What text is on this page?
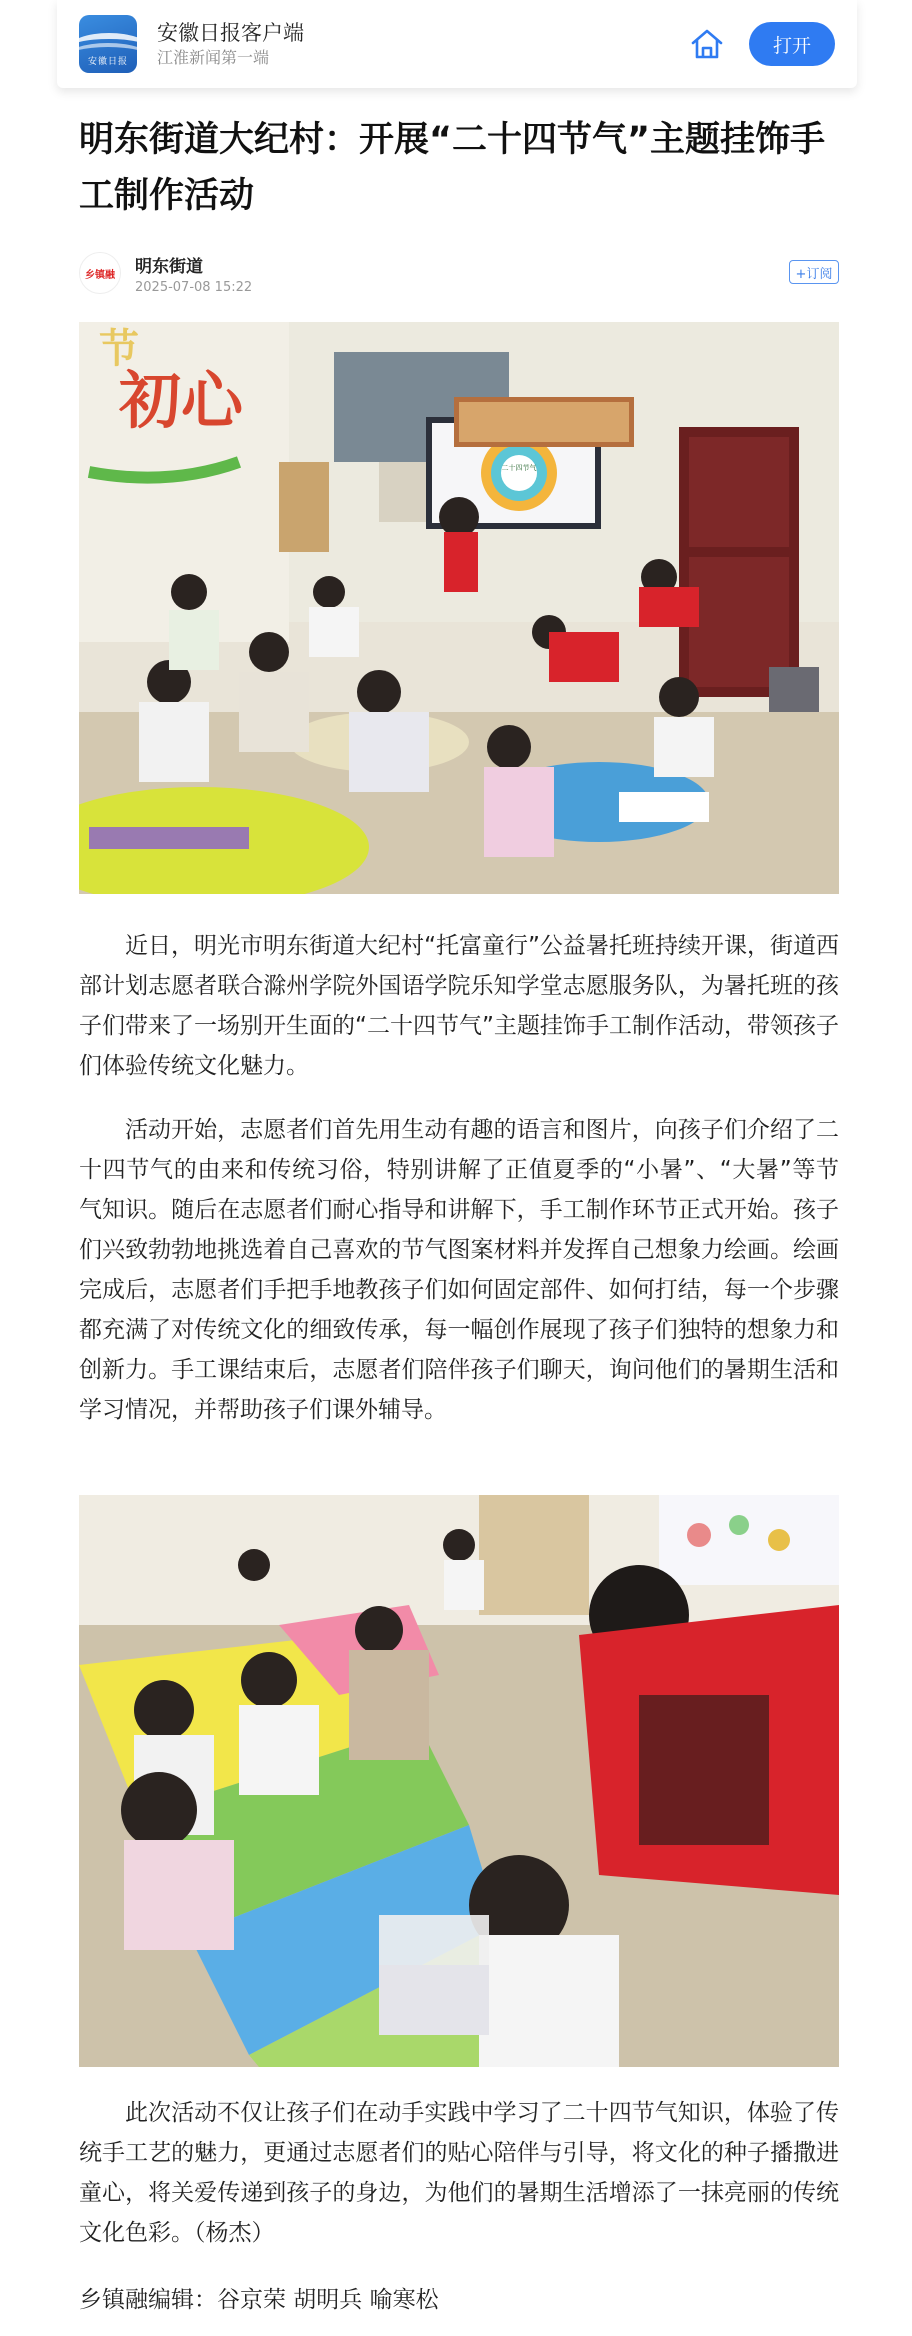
安徽日报
安徽日报客户端
江淮新闻第一端
打开
明东街道大纪村：开展“二十四节气”主题挂饰手工制作活动
乡镇融 明东街道
2025-07-08 15:22
+订阅
节
初心
二十四节气

近日，明光市明东街道大纪村“托富童行”公益暑托班持续开课，街道西部计划志愿者联合滁州学院外国语学院乐知学堂志愿服务队，为暑托班的孩子们带来了一场别开生面的“二十四节气”主题挂饰手工制作活动，带领孩子们体验传统文化魅力。

活动开始，志愿者们首先用生动有趣的语言和图片，向孩子们介绍了二十四节气的由来和传统习俗，特别讲解了正值夏季的“小暑”、“大暑”等节气知识。随后在志愿者们耐心指导和讲解下，手工制作环节正式开始。孩子们兴致勃勃地挑选着自己喜欢的节气图案材料并发挥自己想象力绘画。绘画完成后，志愿者们手把手地教孩子们如何固定部件、如何打结，每一个步骤都充满了对传统文化的细致传承，每一幅创作展现了孩子们独特的想象力和创新力。手工课结束后，志愿者们陪伴孩子们聊天，询问他们的暑期生活和学习情况，并帮助孩子们课外辅导。

此次活动不仅让孩子们在动手实践中学习了二十四节气知识，体验了传统手工艺的魅力，更通过志愿者们的贴心陪伴与引导，将文化的种子播撒进童心，将关爱传递到孩子的身边，为他们的暑期生活增添了一抹亮丽的传统文化色彩。（杨杰）

乡镇融编辑：谷京荣 胡明兵 喻寒松
